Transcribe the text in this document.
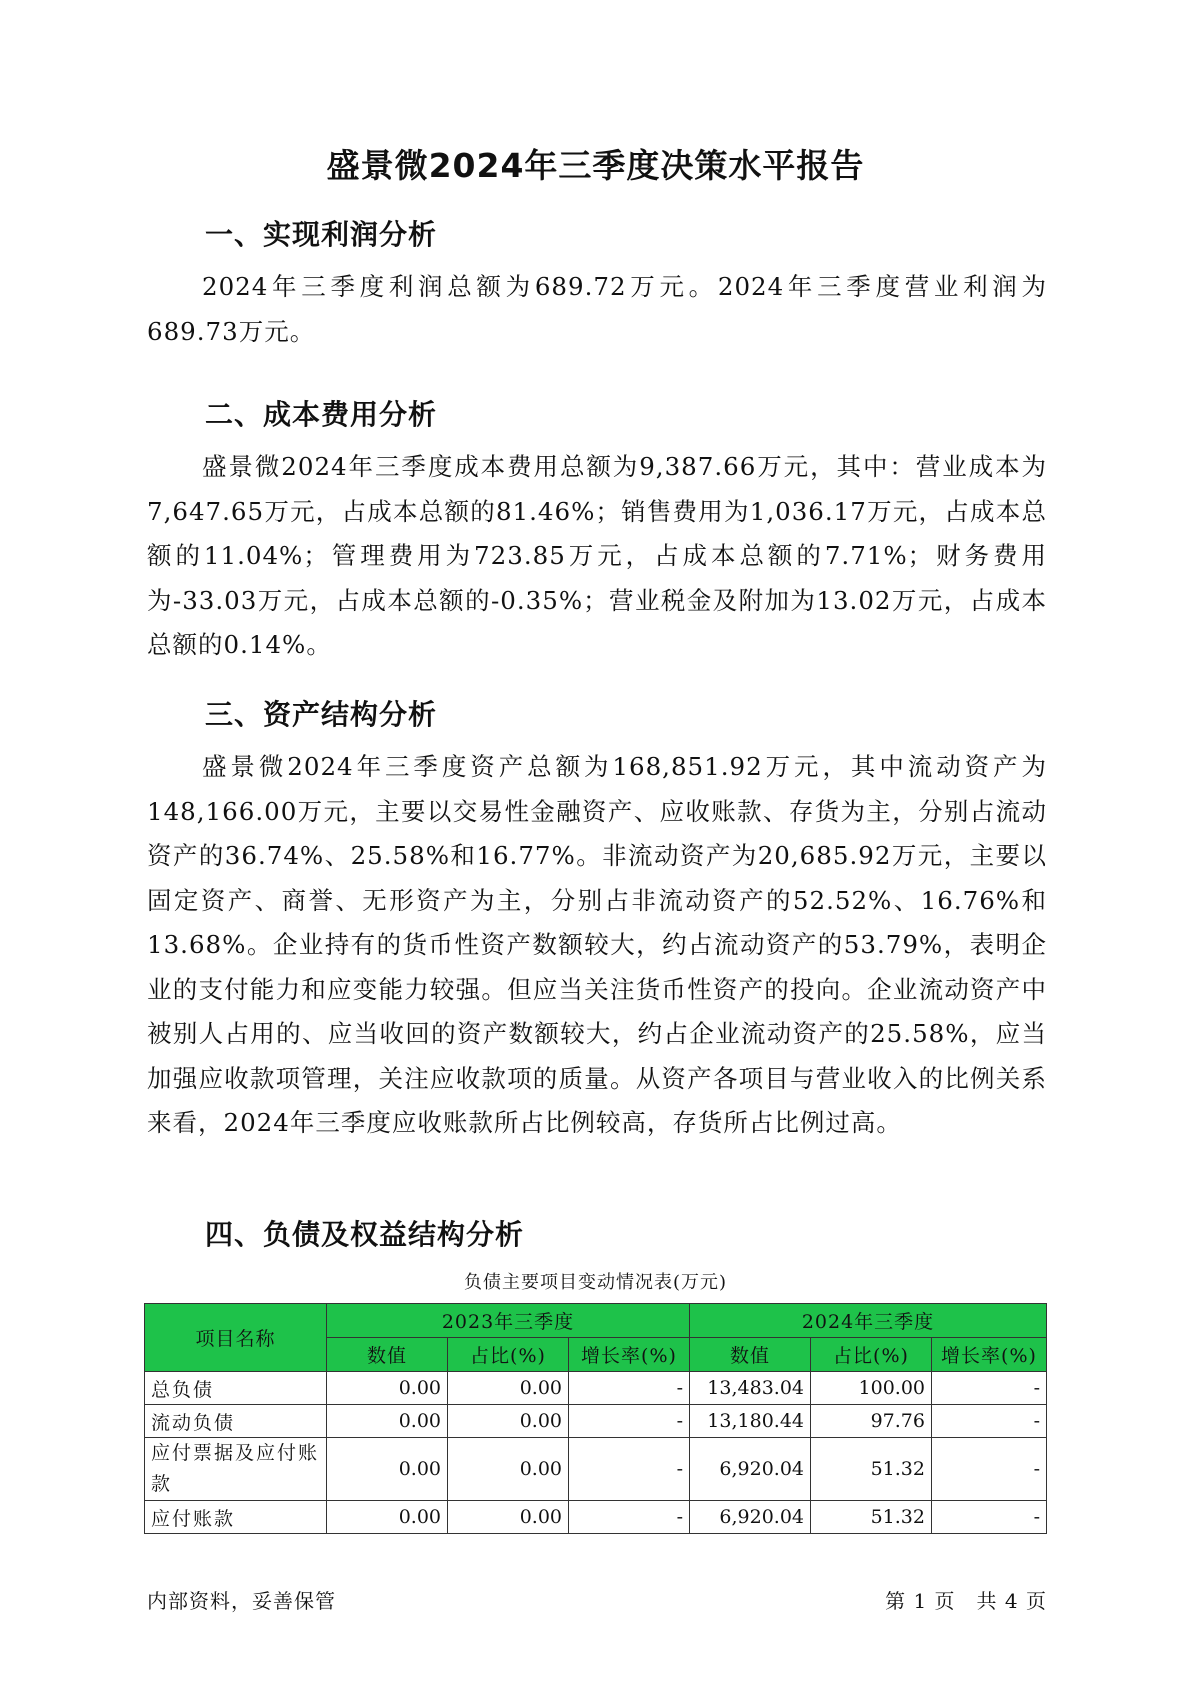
盛景微2024年三季度决策水平报告
一、实现利润分析
2024年三季度利润总额为689.72万元。2024年三季度营业利润为689.73万元。
二、成本费用分析
盛景微2024年三季度成本费用总额为9,387.66万元，其中：营业成本为7,647.65万元，占成本总额的81.46%；销售费用为1,036.17万元，占成本总额的11.04%；管理费用为723.85万元，占成本总额的7.71%；财务费用为-33.03万元，占成本总额的-0.35%；营业税金及附加为13.02万元，占成本总额的0.14%。
三、资产结构分析
盛景微2024年三季度资产总额为168,851.92万元，其中流动资产为148,166.00万元，主要以交易性金融资产、应收账款、存货为主，分别占流动资产的36.74%、25.58%和16.77%。非流动资产为20,685.92万元，主要以固定资产、商誉、无形资产为主，分别占非流动资产的52.52%、16.76%和13.68%。企业持有的货币性资产数额较大，约占流动资产的53.79%，表明企业的支付能力和应变能力较强。但应当关注货币性资产的投向。企业流动资产中被别人占用的、应当收回的资产数额较大，约占企业流动资产的25.58%，应当加强应收款项管理，关注应收款项的质量。从资产各项目与营业收入的比例关系来看，2024年三季度应收账款所占比例较高，存货所占比例过高。
四、负债及权益结构分析
负债主要项目变动情况表(万元)
项目名称	2023年三季度			2024年三季度		
	数值	占比(%)	增长率(%)	数值	占比(%)	增长率(%)
总负债	0.00	0.00	-	13,483.04	100.00	-
流动负债	0.00	0.00	-	13,180.44	97.76	-
应付票据及应付账款	0.00	0.00	-	6,920.04	51.32	-
应付账款	0.00	0.00	-	6,920.04	51.32	-
内部资料，妥善保管	第 1 页　共 4 页
